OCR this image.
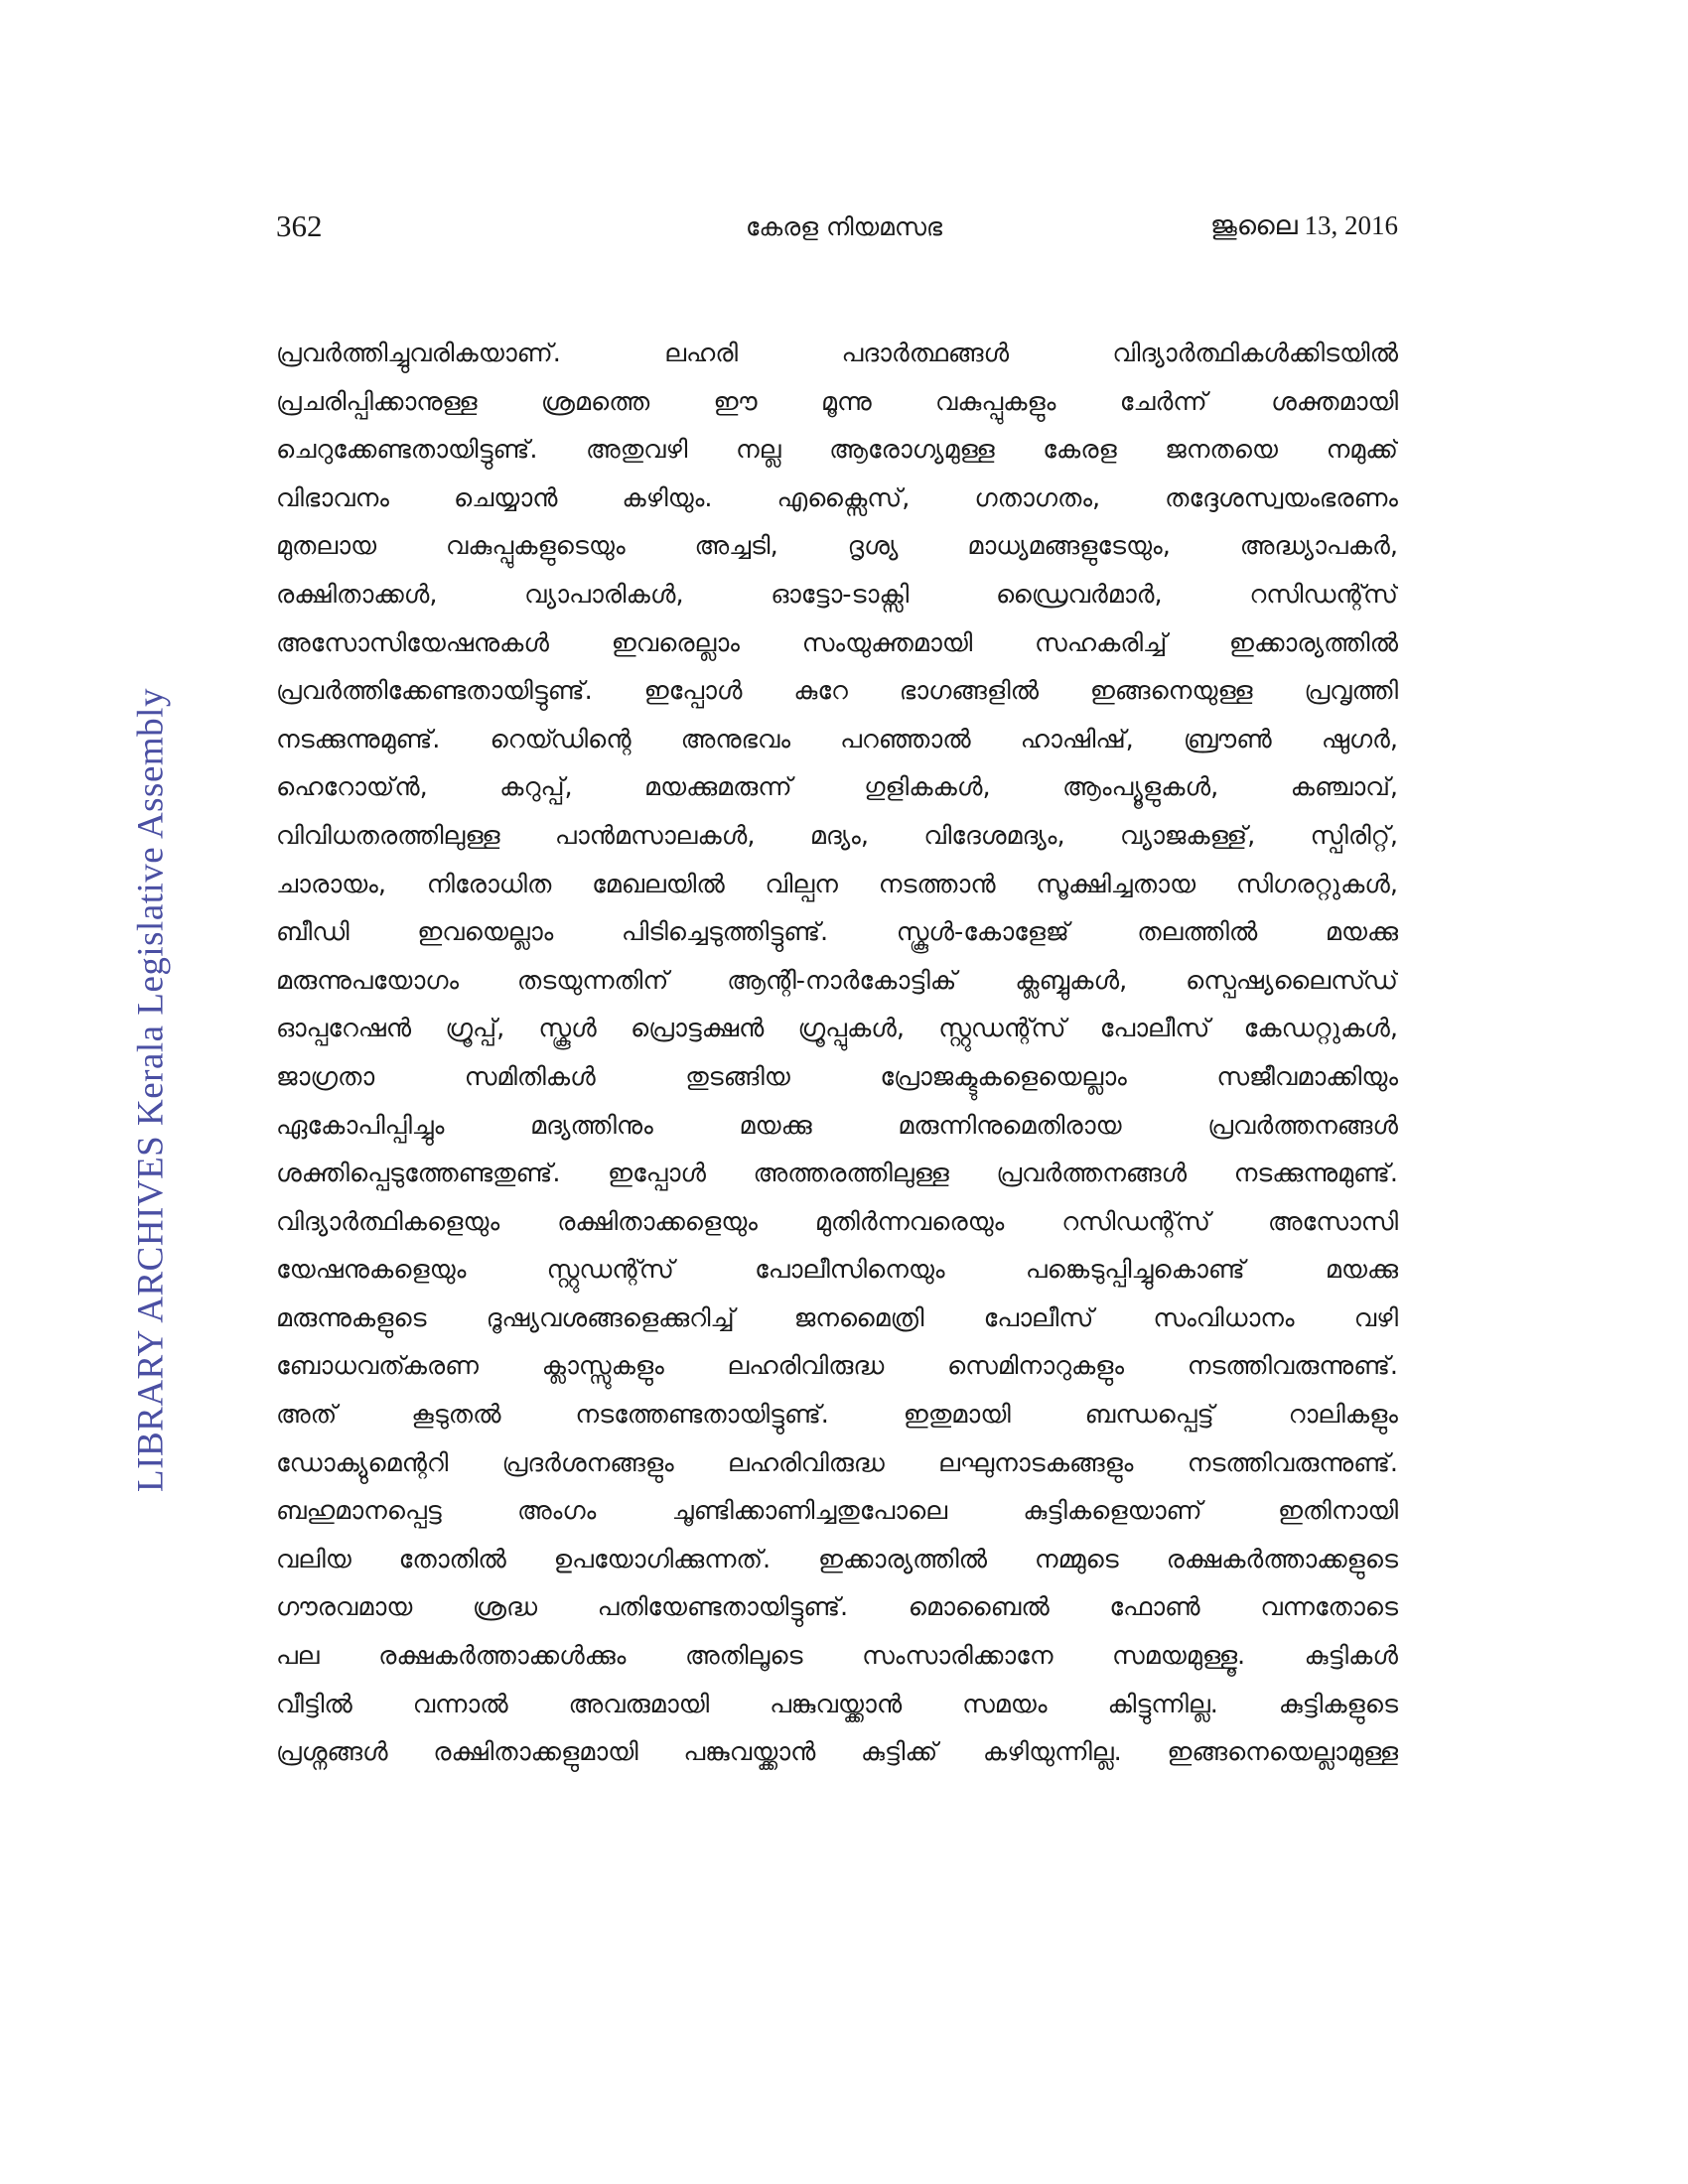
362	കേരള നിയമസഭ	ജൂലൈ 13, 2016
LIBRARY ARCHIVES Kerala Legislative Assembly
പ്രവർത്തിച്ചുവരികയാണ്. ലഹരി പദാർത്ഥങ്ങൾ വിദ്യാർത്ഥികൾക്കിടയിൽ
പ്രചരിപ്പിക്കാനുള്ള ശ്രമത്തെ ഈ മൂന്നു വകുപ്പുകളും ചേർന്ന് ശക്തമായി
ചെറുക്കേണ്ടതായിട്ടുണ്ട്. അതുവഴി നല്ല ആരോഗ്യമുള്ള കേരള ജനതയെ നമുക്ക്
വിഭാവനം ചെയ്യാൻ കഴിയും. എക്സൈസ്, ഗതാഗതം, തദ്ദേശസ്വയംഭരണം
മുതലായ വകുപ്പുകളുടെയും അച്ചടി, ദൃശ്യ മാധ്യമങ്ങളുടേയും, അദ്ധ്യാപകർ,
രക്ഷിതാക്കൾ, വ്യാപാരികൾ, ഓട്ടോ-ടാക്സി ഡ്രൈവർമാർ, റസിഡന്റ്സ്
അസോസിയേഷനുകൾ ഇവരെല്ലാം സംയുക്തമായി സഹകരിച്ച് ഇക്കാര്യത്തിൽ
പ്രവർത്തിക്കേണ്ടതായിട്ടുണ്ട്. ഇപ്പോൾ കുറേ ഭാഗങ്ങളിൽ ഇങ്ങനെയുള്ള പ്രവൃത്തി
നടക്കുന്നുമുണ്ട്. റെയ്ഡിന്റെ അനുഭവം പറഞ്ഞാൽ ഹാഷിഷ്, ബ്രൗൺ ഷുഗർ,
ഹെറോയ്ൻ, കറുപ്പ്, മയക്കുമരുന്ന് ഗുളികകൾ, ആംപ്യൂളുകൾ, കഞ്ചാവ്,
വിവിധതരത്തിലുള്ള പാൻമസാലകൾ, മദ്യം, വിദേശമദ്യം, വ്യാജകള്ള്, സ്പിരിറ്റ്,
ചാരായം, നിരോധിത മേഖലയിൽ വില്പന നടത്താൻ സൂക്ഷിച്ചതായ സിഗരറ്റുകൾ,
ബീഡി ഇവയെല്ലാം പിടിച്ചെടുത്തിട്ടുണ്ട്. സ്കൂൾ-കോളേജ് തലത്തിൽ മയക്കു
മരുന്നുപയോഗം തടയുന്നതിന് ആന്റി-നാർകോട്ടിക് ക്ലബ്ബുകൾ, സ്പെഷ്യലൈസ്ഡ്
ഓപ്പറേഷൻ ഗ്രൂപ്പ്, സ്കൂൾ പ്രൊട്ടക്ഷൻ ഗ്രൂപ്പുകൾ, സ്റ്റുഡന്റ്സ് പോലീസ് കേഡറ്റുകൾ,
ജാഗ്രതാ സമിതികൾ തുടങ്ങിയ പ്രോജക്ടുകളെയെല്ലാം സജീവമാക്കിയും
ഏകോപിപ്പിച്ചും മദ്യത്തിനും മയക്കു മരുന്നിനുമെതിരായ പ്രവർത്തനങ്ങൾ
ശക്തിപ്പെടുത്തേണ്ടതുണ്ട്. ഇപ്പോൾ അത്തരത്തിലുള്ള പ്രവർത്തനങ്ങൾ നടക്കുന്നുമുണ്ട്.
വിദ്യാർത്ഥികളെയും രക്ഷിതാക്കളെയും മുതിർന്നവരെയും റസിഡന്റ്സ് അസോസി
യേഷനുകളെയും സ്റ്റുഡന്റ്സ് പോലീസിനെയും പങ്കെടുപ്പിച്ചുകൊണ്ട് മയക്കു
മരുന്നുകളുടെ ദൂഷ്യവശങ്ങളെക്കുറിച്ച് ജനമൈത്രി പോലീസ് സംവിധാനം വഴി
ബോധവത്കരണ ക്ലാസ്സുകളും ലഹരിവിരുദ്ധ സെമിനാറുകളും നടത്തിവരുന്നുണ്ട്.
അത് കൂടുതൽ നടത്തേണ്ടതായിട്ടുണ്ട്. ഇതുമായി ബന്ധപ്പെട്ട് റാലികളും
ഡോക്യുമെന്ററി പ്രദർശനങ്ങളും ലഹരിവിരുദ്ധ ലഘുനാടകങ്ങളും നടത്തിവരുന്നുണ്ട്.
ബഹുമാനപ്പെട്ട അംഗം ചൂണ്ടിക്കാണിച്ചതുപോലെ കുട്ടികളെയാണ് ഇതിനായി
വലിയ തോതിൽ ഉപയോഗിക്കുന്നത്. ഇക്കാര്യത്തിൽ നമ്മുടെ രക്ഷകർത്താക്കളുടെ
ഗൗരവമായ ശ്രദ്ധ പതിയേണ്ടതായിട്ടുണ്ട്. മൊബൈൽ ഫോൺ വന്നതോടെ
പല രക്ഷകർത്താക്കൾക്കും അതിലൂടെ സംസാരിക്കാനേ സമയമുള്ളൂ. കുട്ടികൾ
വീട്ടിൽ വന്നാൽ അവരുമായി പങ്കുവയ്ക്കാൻ സമയം കിട്ടുന്നില്ല. കുട്ടികളുടെ
പ്രശ്നങ്ങൾ രക്ഷിതാക്കളുമായി പങ്കുവയ്ക്കാൻ കുട്ടിക്ക് കഴിയുന്നില്ല. ഇങ്ങനെയെല്ലാമുള്ള
